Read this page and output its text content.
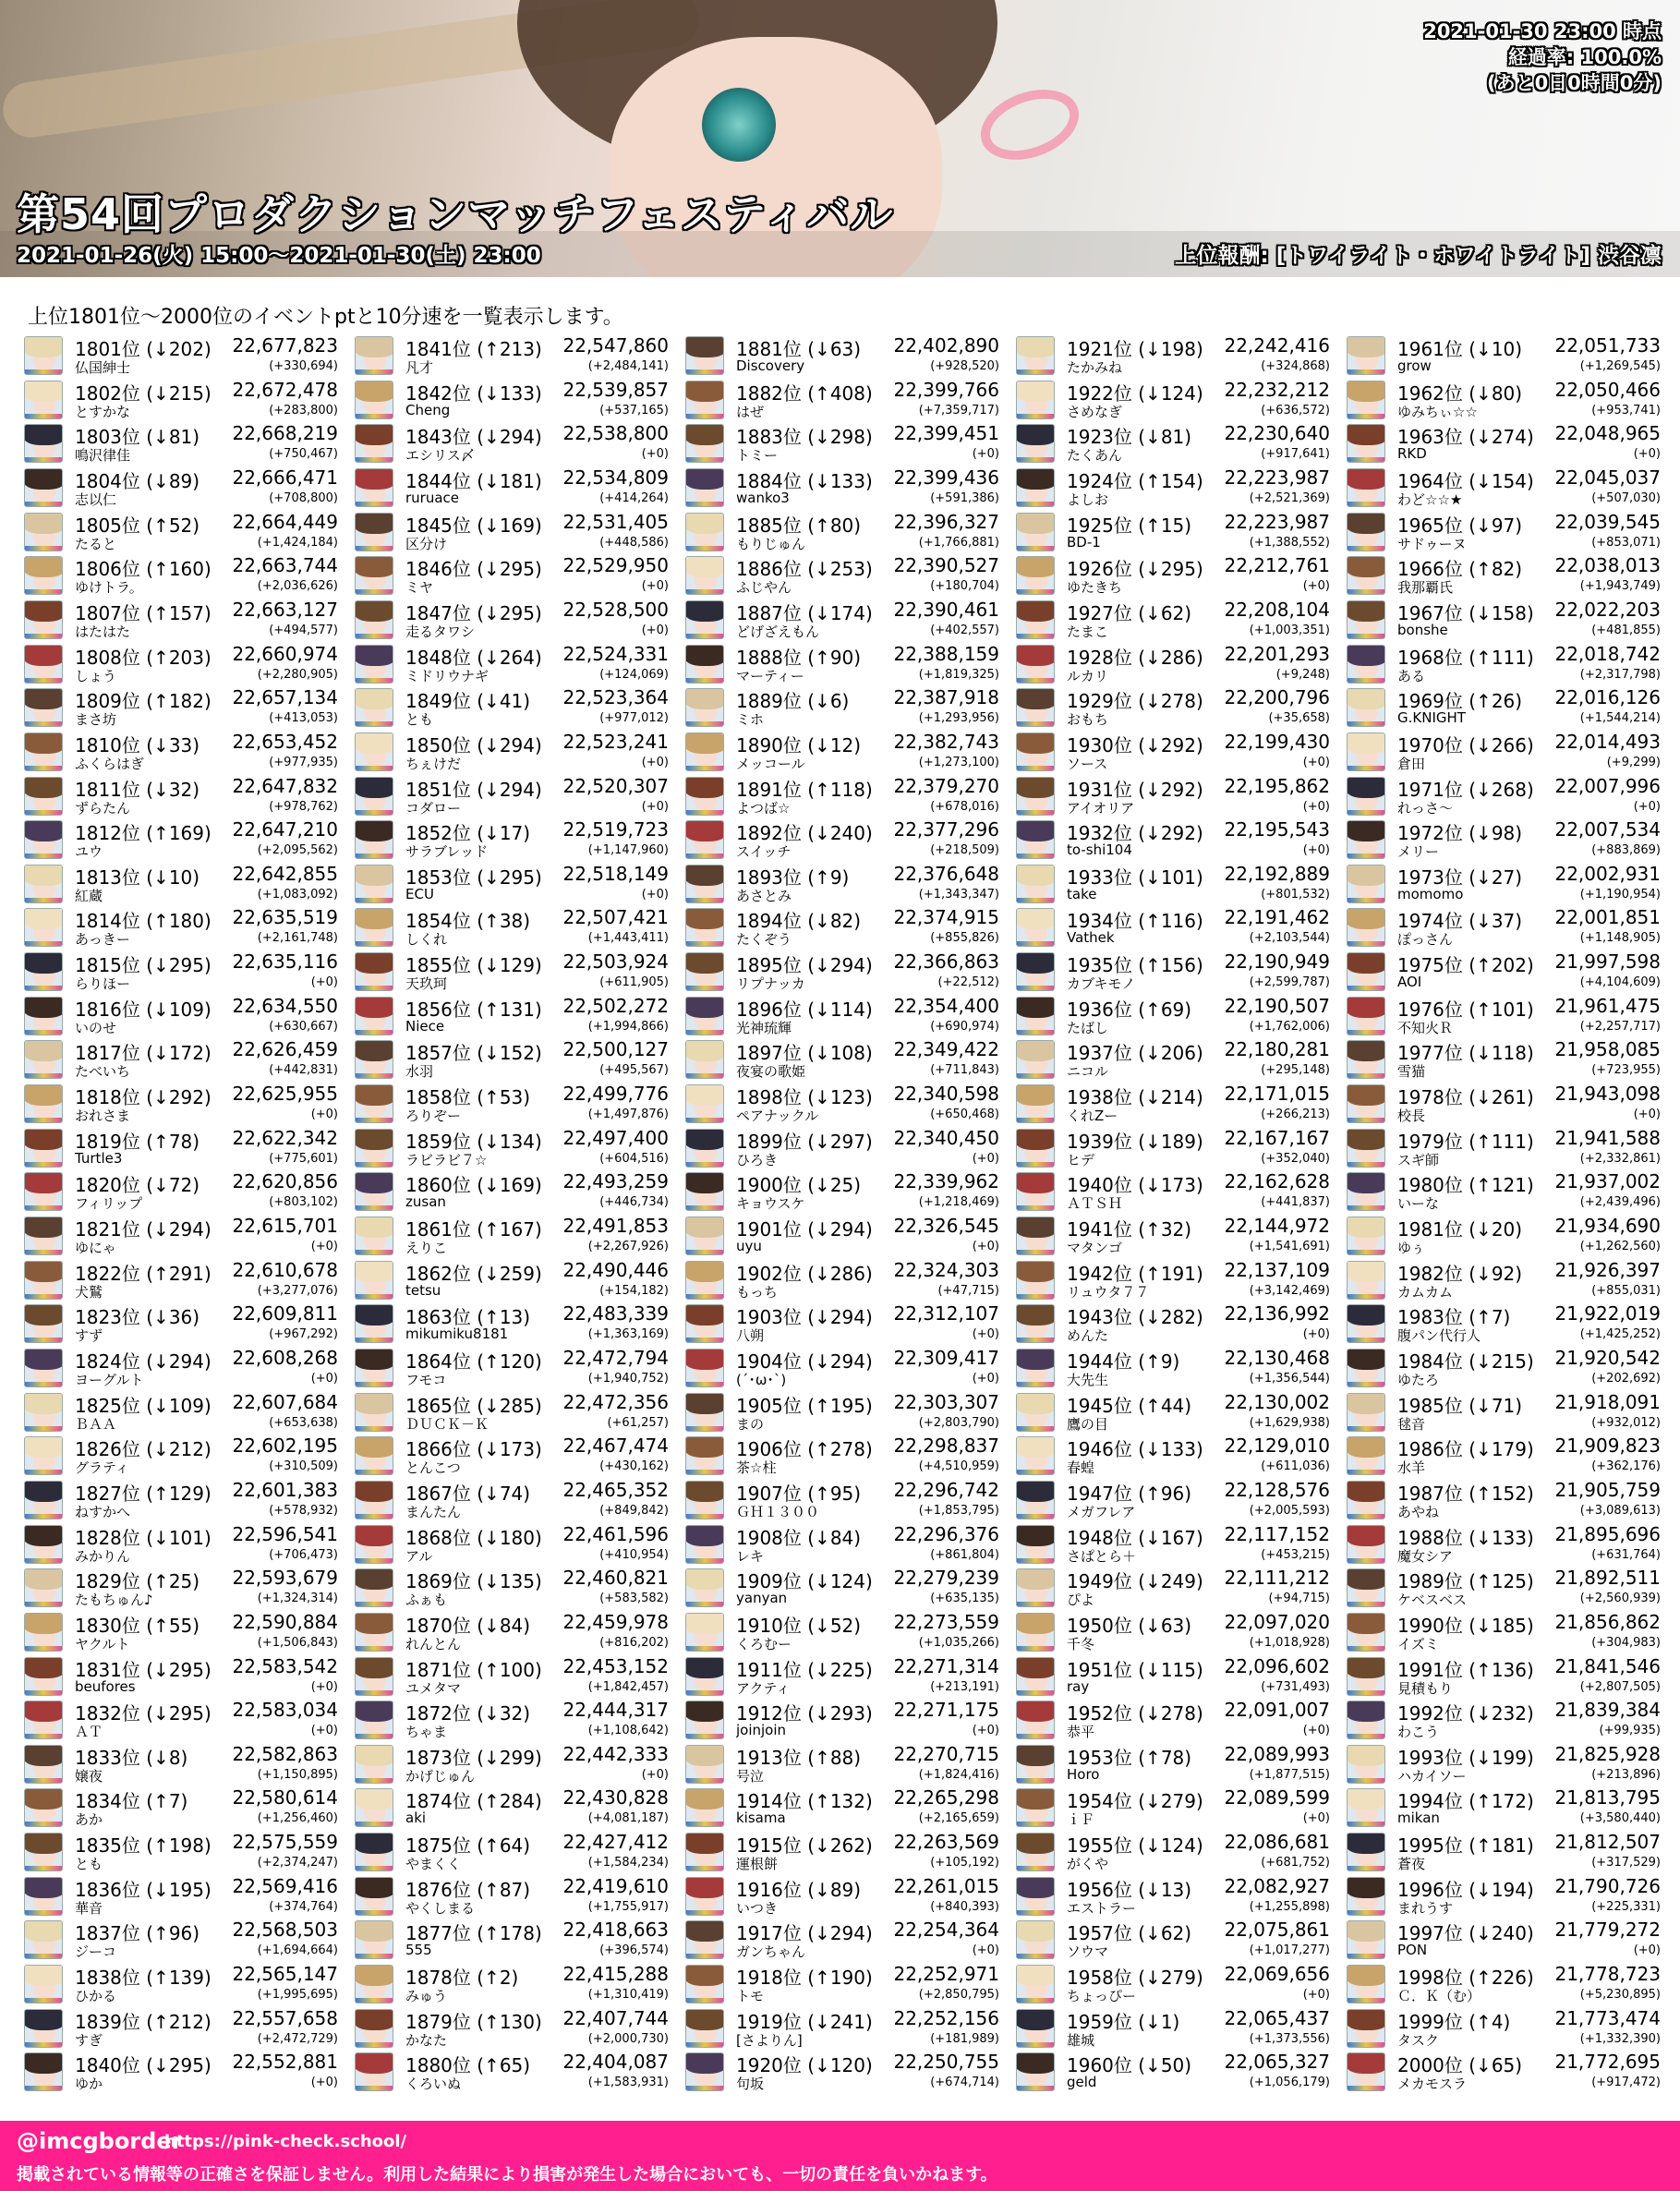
2021-01-30 23:00 時点
経過率: 100.0%
(あと0日0時間0分)
第54回プロダクションマッチフェスティバル
2021-01-26(火) 15:00〜2021-01-30(土) 23:00	上位報酬: [トワイライト・ホワイトライト] 渋谷凛
上位1801位〜2000位のイベントptと10分速を一覧表示します。
1801位 (↓202)
仏国紳士
22,677,823
(+330,694)
1802位 (↓215)
とすかな
22,672,478
(+283,800)
1803位 (↓81)
鳴沢律佳
22,668,219
(+750,467)
1804位 (↓89)
志以仁
22,666,471
(+708,800)
1805位 (↑52)
たると
22,664,449
(+1,424,184)
1806位 (↑160)
ゆけトラ。
22,663,744
(+2,036,626)
1807位 (↑157)
はたはた
22,663,127
(+494,577)
1808位 (↑203)
しょう
22,660,974
(+2,280,905)
1809位 (↑182)
まさ坊
22,657,134
(+413,053)
1810位 (↓33)
ふくらはぎ
22,653,452
(+977,935)
1811位 (↓32)
ずらたん
22,647,832
(+978,762)
1812位 (↑169)
ユウ
22,647,210
(+2,095,562)
1813位 (↓10)
紅蔵
22,642,855
(+1,083,092)
1814位 (↑180)
あっきー
22,635,519
(+2,161,748)
1815位 (↓295)
らりほー
22,635,116
(+0)
1816位 (↓109)
いのせ
22,634,550
(+630,667)
1817位 (↓172)
たべいち
22,626,459
(+442,831)
1818位 (↓292)
おれさま
22,625,955
(+0)
1819位 (↑78)
Turtle3
22,622,342
(+775,601)
1820位 (↓72)
フィリップ
22,620,856
(+803,102)
1821位 (↓294)
ゆにゃ
22,615,701
(+0)
1822位 (↑291)
犬鷲
22,610,678
(+3,277,076)
1823位 (↓36)
すず
22,609,811
(+967,292)
1824位 (↓294)
ヨーグルト
22,608,268
(+0)
1825位 (↓109)
ＢＡＡ
22,607,684
(+653,638)
1826位 (↓212)
グラティ
22,602,195
(+310,509)
1827位 (↑129)
ねすかへ
22,601,383
(+578,932)
1828位 (↓101)
みかりん
22,596,541
(+706,473)
1829位 (↑25)
たもちゅん♪
22,593,679
(+1,324,314)
1830位 (↑55)
ヤクルト
22,590,884
(+1,506,843)
1831位 (↓295)
beufores
22,583,542
(+0)
1832位 (↓295)
ＡＴ
22,583,034
(+0)
1833位 (↓8)
嬢夜
22,582,863
(+1,150,895)
1834位 (↑7)
あか
22,580,614
(+1,256,460)
1835位 (↑198)
とも
22,575,559
(+2,374,247)
1836位 (↓195)
華音
22,569,416
(+374,764)
1837位 (↑96)
ジーコ
22,568,503
(+1,694,664)
1838位 (↑139)
ひかる
22,565,147
(+1,995,695)
1839位 (↑212)
すぎ
22,557,658
(+2,472,729)
1840位 (↓295)
ゆか
22,552,881
(+0)
1841位 (↑213)
凡才
22,547,860
(+2,484,141)
1842位 (↓133)
Cheng
22,539,857
(+537,165)
1843位 (↓294)
エシリス〆
22,538,800
(+0)
1844位 (↓181)
ruruace
22,534,809
(+414,264)
1845位 (↓169)
区分け
22,531,405
(+448,586)
1846位 (↓295)
ミヤ
22,529,950
(+0)
1847位 (↓295)
走るタワシ
22,528,500
(+0)
1848位 (↓264)
ミドリウナギ
22,524,331
(+124,069)
1849位 (↓41)
とも
22,523,364
(+977,012)
1850位 (↓294)
ちぇけだ
22,523,241
(+0)
1851位 (↓294)
コダロー
22,520,307
(+0)
1852位 (↓17)
サラブレッド
22,519,723
(+1,147,960)
1853位 (↓295)
ECU
22,518,149
(+0)
1854位 (↑38)
しくれ
22,507,421
(+1,443,411)
1855位 (↓129)
天玖珂
22,503,924
(+611,905)
1856位 (↑131)
Niece
22,502,272
(+1,994,866)
1857位 (↓152)
水羽
22,500,127
(+495,567)
1858位 (↑53)
ろりぞー
22,499,776
(+1,497,876)
1859位 (↓134)
ラビラビ７☆
22,497,400
(+604,516)
1860位 (↓169)
zusan
22,493,259
(+446,734)
1861位 (↑167)
えりこ
22,491,853
(+2,267,926)
1862位 (↓259)
tetsu
22,490,446
(+154,182)
1863位 (↑13)
mikumiku8181
22,483,339
(+1,363,169)
1864位 (↑120)
フモコ
22,472,794
(+1,940,752)
1865位 (↓285)
ＤＵＣＫ－Ｋ
22,472,356
(+61,257)
1866位 (↓173)
とんこつ
22,467,474
(+430,162)
1867位 (↓74)
まんたん
22,465,352
(+849,842)
1868位 (↓180)
アル
22,461,596
(+410,954)
1869位 (↓135)
ふぁも
22,460,821
(+583,582)
1870位 (↓84)
れんとん
22,459,978
(+816,202)
1871位 (↑100)
ユメタマ
22,453,152
(+1,842,457)
1872位 (↓32)
ちゃま
22,444,317
(+1,108,642)
1873位 (↓299)
かげじゅん
22,442,333
(+0)
1874位 (↑284)
aki
22,430,828
(+4,081,187)
1875位 (↑64)
やまくく
22,427,412
(+1,584,234)
1876位 (↑87)
やくしまる
22,419,610
(+1,755,917)
1877位 (↑178)
555
22,418,663
(+396,574)
1878位 (↑2)
みゅう
22,415,288
(+1,310,419)
1879位 (↑130)
かなた
22,407,744
(+2,000,730)
1880位 (↑65)
くろいぬ
22,404,087
(+1,583,931)
1881位 (↓63)
Discovery
22,402,890
(+928,520)
1882位 (↑408)
はぜ
22,399,766
(+7,359,717)
1883位 (↓298)
トミー
22,399,451
(+0)
1884位 (↓133)
wanko3
22,399,436
(+591,386)
1885位 (↑80)
もりじゅん
22,396,327
(+1,766,881)
1886位 (↓253)
ふじやん
22,390,527
(+180,704)
1887位 (↓174)
どげざえもん
22,390,461
(+402,557)
1888位 (↑90)
マーティー
22,388,159
(+1,819,325)
1889位 (↓6)
ミホ
22,387,918
(+1,293,956)
1890位 (↓12)
メッコール
22,382,743
(+1,273,100)
1891位 (↑118)
よつば☆
22,379,270
(+678,016)
1892位 (↓240)
スイッチ
22,377,296
(+218,509)
1893位 (↑9)
あさとみ
22,376,648
(+1,343,347)
1894位 (↓82)
たくぞう
22,374,915
(+855,826)
1895位 (↓294)
リプナッカ
22,366,863
(+22,512)
1896位 (↓114)
光神琉輝
22,354,400
(+690,974)
1897位 (↓108)
夜宴の歌姫
22,349,422
(+711,843)
1898位 (↓123)
ペアナックル
22,340,598
(+650,468)
1899位 (↓297)
ひろき
22,340,450
(+0)
1900位 (↓25)
キョウスケ
22,339,962
(+1,218,469)
1901位 (↓294)
uyu
22,326,545
(+0)
1902位 (↓286)
もっち
22,324,303
(+47,715)
1903位 (↓294)
八朔
22,312,107
(+0)
1904位 (↓294)
(´･ω･`)
22,309,417
(+0)
1905位 (↑195)
まの
22,303,307
(+2,803,790)
1906位 (↑278)
茶☆柱
22,298,837
(+4,510,959)
1907位 (↑95)
ＧＨ１３００
22,296,742
(+1,853,795)
1908位 (↓84)
レキ
22,296,376
(+861,804)
1909位 (↓124)
yanyan
22,279,239
(+635,135)
1910位 (↓52)
くろむー
22,273,559
(+1,035,266)
1911位 (↓225)
アクティ
22,271,314
(+213,191)
1912位 (↓293)
joinjoin
22,271,175
(+0)
1913位 (↑88)
号泣
22,270,715
(+1,824,416)
1914位 (↑132)
kisama
22,265,298
(+2,165,659)
1915位 (↓262)
運根餅
22,263,569
(+105,192)
1916位 (↓89)
いつき
22,261,015
(+840,393)
1917位 (↓294)
ガンちゃん
22,254,364
(+0)
1918位 (↑190)
トモ
22,252,971
(+2,850,795)
1919位 (↓241)
[さよりん]
22,252,156
(+181,989)
1920位 (↓120)
句坂
22,250,755
(+674,714)
1921位 (↓198)
たかみね
22,242,416
(+324,868)
1922位 (↓124)
さめなぎ
22,232,212
(+636,572)
1923位 (↓81)
たくあん
22,230,640
(+917,641)
1924位 (↑154)
よしお
22,223,987
(+2,521,369)
1925位 (↑15)
BD-1
22,223,987
(+1,388,552)
1926位 (↓295)
ゆたきち
22,212,761
(+0)
1927位 (↓62)
たまこ
22,208,104
(+1,003,351)
1928位 (↓286)
ルカリ
22,201,293
(+9,248)
1929位 (↓278)
おもち
22,200,796
(+35,658)
1930位 (↓292)
ソース
22,199,430
(+0)
1931位 (↓292)
アイオリア
22,195,862
(+0)
1932位 (↓292)
to-shi104
22,195,543
(+0)
1933位 (↓101)
take
22,192,889
(+801,532)
1934位 (↑116)
Vathek
22,191,462
(+2,103,544)
1935位 (↑156)
カブキモノ
22,190,949
(+2,599,787)
1936位 (↑69)
たばし
22,190,507
(+1,762,006)
1937位 (↓206)
ニコル
22,180,281
(+295,148)
1938位 (↓214)
くれZー
22,171,015
(+266,213)
1939位 (↓189)
ヒデ
22,167,167
(+352,040)
1940位 (↓173)
ＡＴＳＨ
22,162,628
(+441,837)
1941位 (↑32)
マタンゴ
22,144,972
(+1,541,691)
1942位 (↑191)
リュウタ７７
22,137,109
(+3,142,469)
1943位 (↓282)
めんた
22,136,992
(+0)
1944位 (↑9)
大先生
22,130,468
(+1,356,544)
1945位 (↑44)
鷹の目
22,130,002
(+1,629,938)
1946位 (↓133)
春蝗
22,129,010
(+611,036)
1947位 (↑96)
メガフレア
22,128,576
(+2,005,593)
1948位 (↓167)
さぱとら＋
22,117,152
(+453,215)
1949位 (↓249)
ぴよ
22,111,212
(+94,715)
1950位 (↓63)
千冬
22,097,020
(+1,018,928)
1951位 (↓115)
ray
22,096,602
(+731,493)
1952位 (↓278)
恭平
22,091,007
(+0)
1953位 (↑78)
Horo
22,089,993
(+1,877,515)
1954位 (↓279)
ｉＦ
22,089,599
(+0)
1955位 (↓124)
がくや
22,086,681
(+681,752)
1956位 (↓13)
エストラー
22,082,927
(+1,255,898)
1957位 (↓62)
ソウマ
22,075,861
(+1,017,277)
1958位 (↓279)
ちょっぴー
22,069,656
(+0)
1959位 (↓1)
雄城
22,065,437
(+1,373,556)
1960位 (↓50)
geld
22,065,327
(+1,056,179)
1961位 (↓10)
grow
22,051,733
(+1,269,545)
1962位 (↓80)
ゆみちぃ☆☆
22,050,466
(+953,741)
1963位 (↓274)
RKD
22,048,965
(+0)
1964位 (↓154)
わど☆☆★
22,045,037
(+507,030)
1965位 (↓97)
サドゥーヌ
22,039,545
(+853,071)
1966位 (↑82)
我那覇氏
22,038,013
(+1,943,749)
1967位 (↓158)
bonshe
22,022,203
(+481,855)
1968位 (↑111)
ある
22,018,742
(+2,317,798)
1969位 (↑26)
G.KNIGHT
22,016,126
(+1,544,214)
1970位 (↓266)
倉田
22,014,493
(+9,299)
1971位 (↓268)
れっさ～
22,007,996
(+0)
1972位 (↓98)
メリー
22,007,534
(+883,869)
1973位 (↓27)
momomo
22,002,931
(+1,190,954)
1974位 (↓37)
ぽっさん
22,001,851
(+1,148,905)
1975位 (↑202)
AOI
21,997,598
(+4,104,609)
1976位 (↑101)
不知火Ｒ
21,961,475
(+2,257,717)
1977位 (↓118)
雪猫
21,958,085
(+723,955)
1978位 (↓261)
校長
21,943,098
(+0)
1979位 (↑111)
スギ師
21,941,588
(+2,332,861)
1980位 (↑121)
いーな
21,937,002
(+2,439,496)
1981位 (↓20)
ゆぅ
21,934,690
(+1,262,560)
1982位 (↓92)
カムカム
21,926,397
(+855,031)
1983位 (↑7)
腹パン代行人
21,922,019
(+1,425,252)
1984位 (↓215)
ゆたろ
21,920,542
(+202,692)
1985位 (↓71)
毬音
21,918,091
(+932,012)
1986位 (↓179)
水羊
21,909,823
(+362,176)
1987位 (↑152)
あやね
21,905,759
(+3,089,613)
1988位 (↓133)
魔女シア
21,895,696
(+631,764)
1989位 (↑125)
ケベスベス
21,892,511
(+2,560,939)
1990位 (↓185)
イズミ
21,856,862
(+304,983)
1991位 (↑136)
見積もり
21,841,546
(+2,807,505)
1992位 (↓232)
わこう
21,839,384
(+99,935)
1993位 (↓199)
ハカイソー
21,825,928
(+213,896)
1994位 (↑172)
mikan
21,813,795
(+3,580,440)
1995位 (↑181)
蒼夜
21,812,507
(+317,529)
1996位 (↓194)
まれうす
21,790,726
(+225,331)
1997位 (↓240)
PON
21,779,272
(+0)
1998位 (↑226)
Ｃ．Ｋ（む）
21,778,723
(+5,230,895)
1999位 (↑4)
タスク
21,773,474
(+1,332,390)
2000位 (↓65)
メカモスラ
21,772,695
(+917,472)
@imcgborder
https://pink-check.school/
掲載されている情報等の正確さを保証しません。利用した結果により損害が発生した場合においても、一切の責任を負いかねます。
